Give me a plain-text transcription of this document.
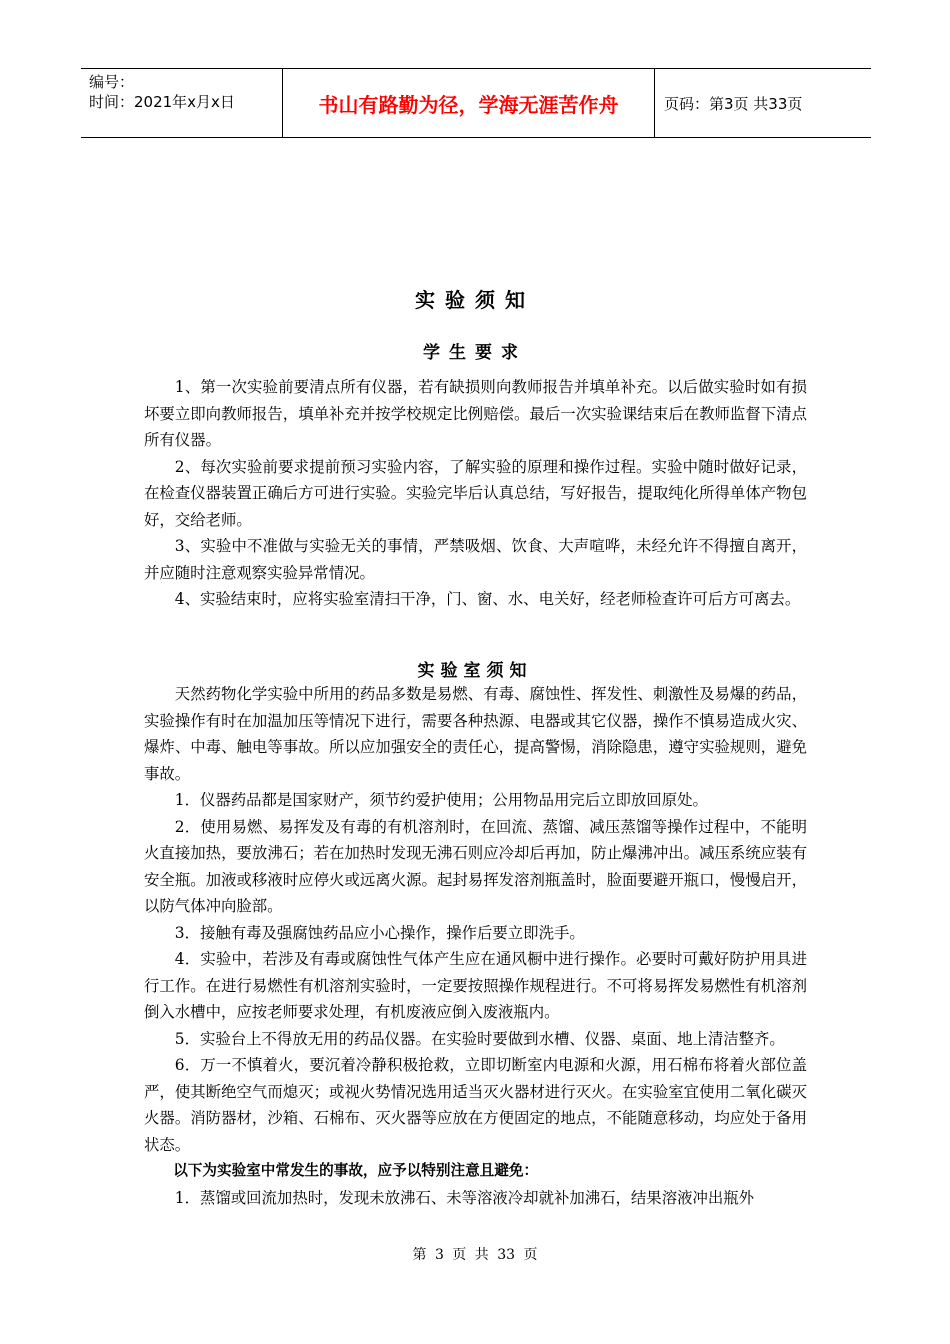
编号：
时间：2021年x月x日	书山有路勤为径，学海无涯苦作舟	页码：第3页 共33页
实验须知
学生要求

1、第一次实验前要清点所有仪器，若有缺损则向教师报告并填单补充。以后做实验时如有损坏要立即向教师报告，填单补充并按学校规定比例赔偿。最后一次实验课结束后在教师监督下清点所有仪器。

2、每次实验前要求提前预习实验内容，了解实验的原理和操作过程。实验中随时做好记录，在检查仪器装置正确后方可进行实验。实验完毕后认真总结，写好报告，提取纯化所得单体产物包好，交给老师。

3、实验中不准做与实验无关的事情，严禁吸烟、饮食、大声喧哗，未经允许不得擅自离开，并应随时注意观察实验异常情况。

4、实验结束时，应将实验室清扫干净，门、窗、水、电关好，经老师检查许可后方可离去。

实验室须知

天然药物化学实验中所用的药品多数是易燃、有毒、腐蚀性、挥发性、刺激性及易爆的药品，实验操作有时在加温加压等情况下进行，需要各种热源、电器或其它仪器，操作不慎易造成火灾、爆炸、中毒、触电等事故。所以应加强安全的责任心，提高警惕，消除隐患，遵守实验规则，避免事故。

1．仪器药品都是国家财产，须节约爱护使用；公用物品用完后立即放回原处。

2．使用易燃、易挥发及有毒的有机溶剂时，在回流、蒸馏、减压蒸馏等操作过程中，不能明火直接加热，要放沸石；若在加热时发现无沸石则应冷却后再加，防止爆沸冲出。减压系统应装有安全瓶。加液或移液时应停火或远离火源。起封易挥发溶剂瓶盖时，脸面要避开瓶口，慢慢启开，以防气体冲向脸部。

3．接触有毒及强腐蚀药品应小心操作，操作后要立即洗手。

4．实验中，若涉及有毒或腐蚀性气体产生应在通风橱中进行操作。必要时可戴好防护用具进行工作。在进行易燃性有机溶剂实验时，一定要按照操作规程进行。不可将易挥发易燃性有机溶剂倒入水槽中，应按老师要求处理，有机废液应倒入废液瓶内。

5．实验台上不得放无用的药品仪器。在实验时要做到水槽、仪器、桌面、地上清洁整齐。

6．万一不慎着火，要沉着冷静积极抢救，立即切断室内电源和火源，用石棉布将着火部位盖严，使其断绝空气而熄灭；或视火势情况选用适当灭火器材进行灭火。在实验室宜使用二氧化碳灭火器。消防器材，沙箱、石棉布、灭火器等应放在方便固定的地点，不能随意移动，均应处于备用状态。

以下为实验室中常发生的事故，应予以特别注意且避免：

1．蒸馏或回流加热时，发现未放沸石、未等溶液冷却就补加沸石，结果溶液冲出瓶外

第 3 页 共 33 页
